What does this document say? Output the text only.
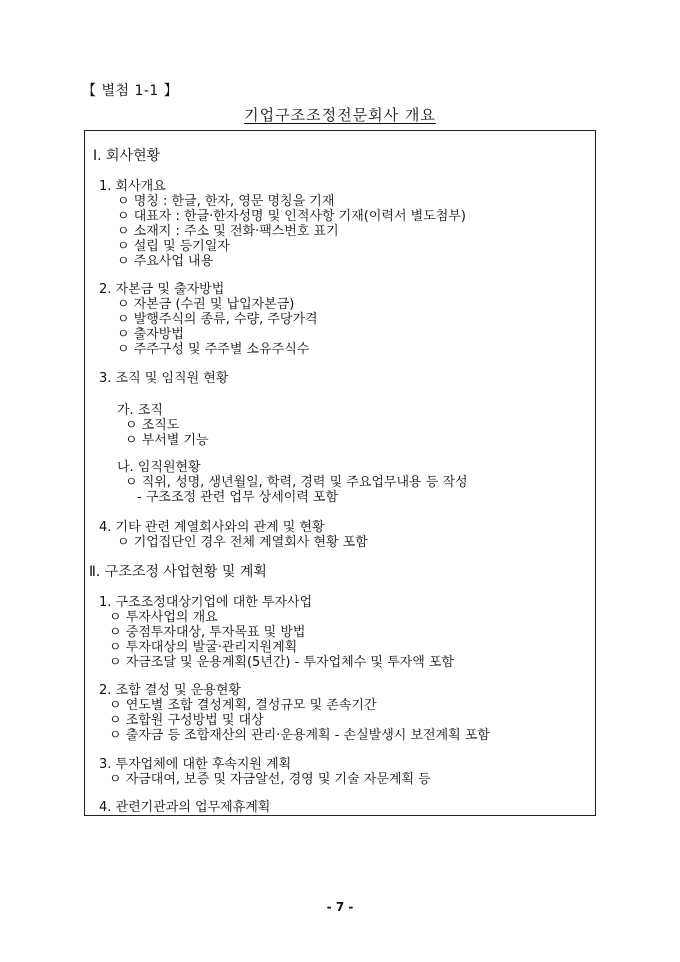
【 별첨 1-1 】
기업구조조정전문회사 개요
Ⅰ. 회사현황
1. 회사개요
ㅇ 명칭 : 한글, 한자, 영문 명칭을 기재
ㅇ 대표자 : 한글·한자성명 및 인적사항 기재(이력서 별도첨부)
ㅇ 소재지 : 주소 및 전화·팩스번호 표기
ㅇ 설립 및 등기일자
ㅇ 주요사업 내용
2. 자본금 및 출자방법
ㅇ 자본금 (수권 및 납입자본금)
ㅇ 발행주식의 종류, 수량, 주당가격
ㅇ 출자방법
ㅇ 주주구성 및 주주별 소유주식수
3. 조직 및 임직원 현황
가. 조직
ㅇ 조직도
ㅇ 부서별 기능
나. 임직원현황
ㅇ 직위, 성명, 생년월일, 학력, 경력 및 주요업무내용 등 작성
- 구조조정 관련 업무 상세이력 포함
4. 기타 관련 계열회사와의 관계 및 현황
ㅇ 기업집단인 경우 전체 계열회사 현황 포함
Ⅱ. 구조조정 사업현황 및 계획
1. 구조조정대상기업에 대한 투자사업
ㅇ 투자사업의 개요
ㅇ 중점투자대상, 투자목표 및 방법
ㅇ 투자대상의 발굴·관리지원계획
ㅇ 자금조달 및 운용계획(5년간) - 투자업체수 및 투자액 포함
2. 조합 결성 및 운용현황
ㅇ 연도별 조합 결성계획, 결성규모 및 존속기간
ㅇ 조합원 구성방법 및 대상
ㅇ 출자금 등 조합재산의 관리·운용계획 - 손실발생시 보전계획 포함
3. 투자업체에 대한 후속지원 계획
ㅇ 자금대여, 보증 및 자금알선, 경영 및 기술 자문계획 등
4. 관련기관과의 업무제휴계획
- 7 -
